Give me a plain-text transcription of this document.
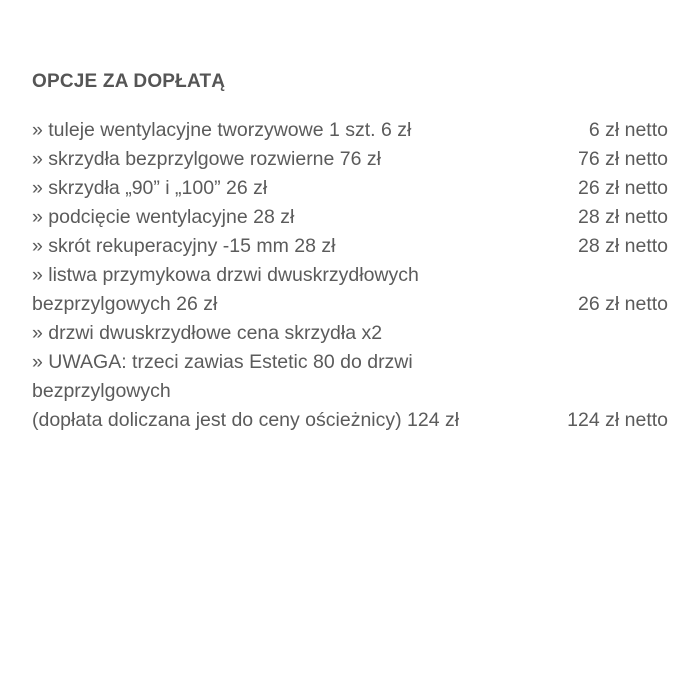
OPCJE ZA DOPŁATĄ
» tuleje wentylacyjne tworzywowe 1 szt. 6 zł	6 zł netto
» skrzydła bezprzylgowe rozwierne 76 zł	76 zł netto
» skrzydła „90” i „100” 26 zł	26 zł netto
» podcięcie wentylacyjne 28 zł	28 zł netto
» skrót rekuperacyjny -15 mm 28 zł	28 zł netto
» listwa przymykowa drzwi dwuskrzydłowych	
bezprzylgowych 26 zł	26 zł netto
» drzwi dwuskrzydłowe cena skrzydła x2	
» UWAGA: trzeci zawias Estetic 80 do drzwi	
bezprzylgowych	
(dopłata doliczana jest do ceny ościeżnicy) 124 zł	124 zł netto
